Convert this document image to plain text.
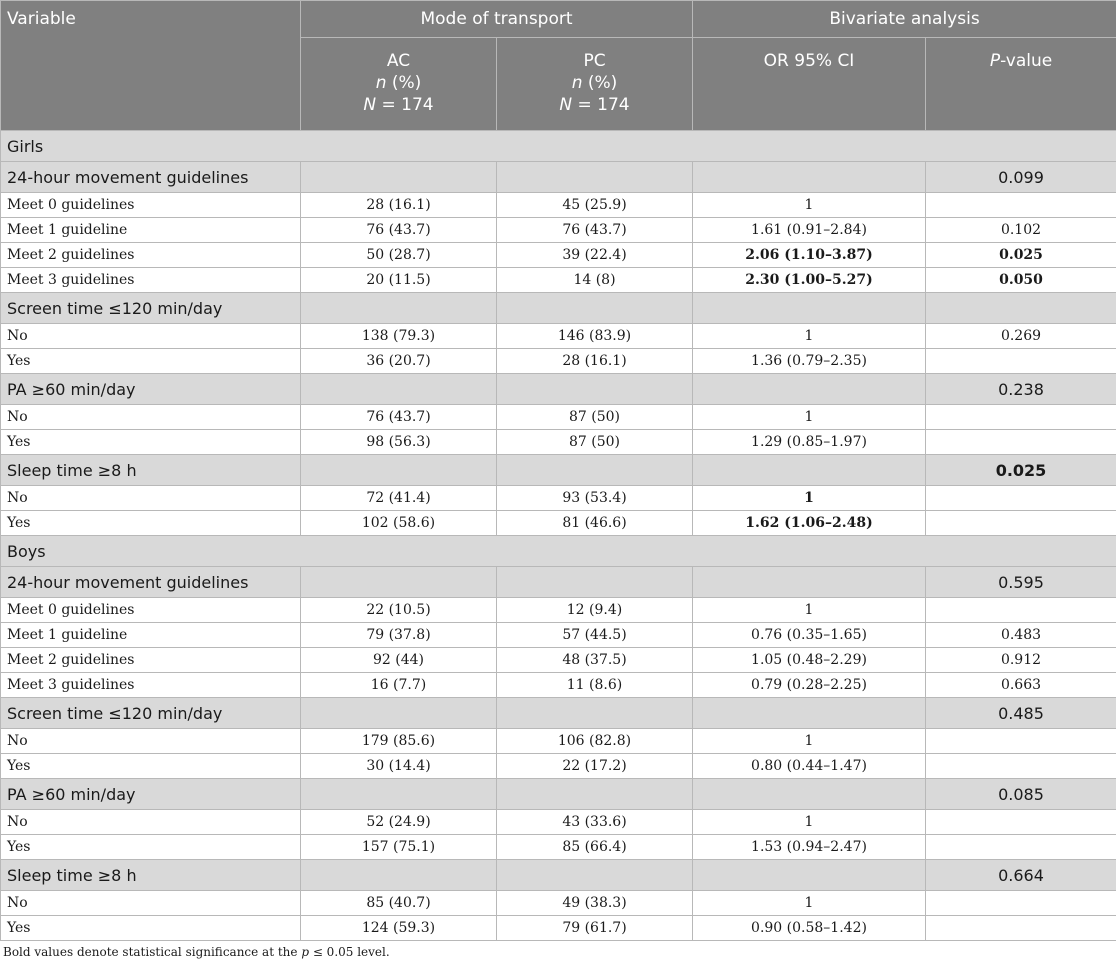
Variable	Mode of transport		Bivariate analysis	
	AC
n (%)
N = 174	PC
n (%)
N = 174	OR 95% CI	P-value
Girls				
24-hour movement guidelines				0.099
Meet 0 guidelines	28 (16.1)	45 (25.9)	1	
Meet 1 guideline	76 (43.7)	76 (43.7)	1.61 (0.91–2.84)	0.102
Meet 2 guidelines	50 (28.7)	39 (22.4)	2.06 (1.10–3.87)	0.025
Meet 3 guidelines	20 (11.5)	14 (8)	2.30 (1.00–5.27)	0.050
Screen time ≤120 min/day				
No	138 (79.3)	146 (83.9)	1	0.269
Yes	36 (20.7)	28 (16.1)	1.36 (0.79–2.35)	
PA ≥60 min/day				0.238
No	76 (43.7)	87 (50)	1	
Yes	98 (56.3)	87 (50)	1.29 (0.85–1.97)	
Sleep time ≥8 h				0.025
No	72 (41.4)	93 (53.4)	1	
Yes	102 (58.6)	81 (46.6)	1.62 (1.06–2.48)	
Boys				
24-hour movement guidelines				0.595
Meet 0 guidelines	22 (10.5)	12 (9.4)	1	
Meet 1 guideline	79 (37.8)	57 (44.5)	0.76 (0.35–1.65)	0.483
Meet 2 guidelines	92 (44)	48 (37.5)	1.05 (0.48–2.29)	0.912
Meet 3 guidelines	16 (7.7)	11 (8.6)	0.79 (0.28–2.25)	0.663
Screen time ≤120 min/day				0.485
No	179 (85.6)	106 (82.8)	1	
Yes	30 (14.4)	22 (17.2)	0.80 (0.44–1.47)	
PA ≥60 min/day				0.085
No	52 (24.9)	43 (33.6)	1	
Yes	157 (75.1)	85 (66.4)	1.53 (0.94–2.47)	
Sleep time ≥8 h				0.664
No	85 (40.7)	49 (38.3)	1	
Yes	124 (59.3)	79 (61.7)	0.90 (0.58–1.42)	
Bold values denote statistical significance at the p ≤ 0.05 level.
